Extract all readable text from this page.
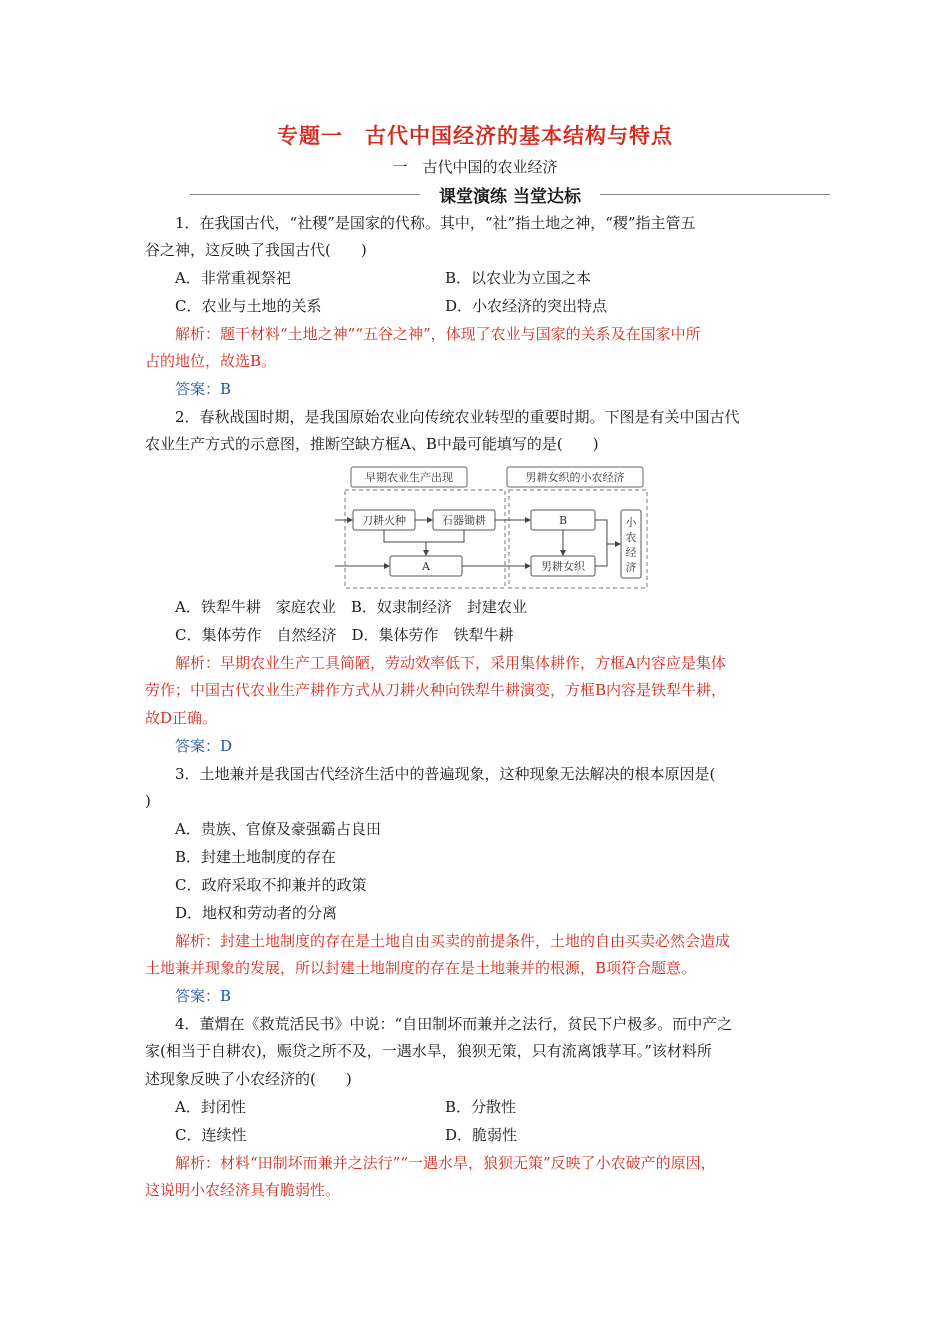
专题一　古代中国经济的基本结构与特点
一　古代中国的农业经济
课堂演练 当堂达标
1．在我国古代，“社稷”是国家的代称。其中，“社”指土地之神，“稷”指主管五
谷之神，这反映了我国古代(　　)
A．非常重视祭祀	B．以农业为立国之本
C．农业与土地的关系	D．小农经济的突出特点
解析：题干材料“土地之神”“五谷之神”，体现了农业与国家的关系及在国家中所
占的地位，故选B。
答案：B
2．春秋战国时期，是我国原始农业向传统农业转型的重要时期。下图是有关中国古代
农业生产方式的示意图，推断空缺方框A、B中最可能填写的是(　　)
早期农业生产出现	男耕女织的小农经济
刀耕火种	石器锄耕
A
B
男耕女织
小
农
经
济
A．铁犁牛耕　家庭农业　B．奴隶制经济　封建农业
C．集体劳作　自然经济　D．集体劳作　铁犁牛耕
解析：早期农业生产工具简陋，劳动效率低下，采用集体耕作，方框A内容应是集体
劳作；中国古代农业生产耕作方式从刀耕火种向铁犁牛耕演变，方框B内容是铁犁牛耕，
故D正确。
答案：D
3．土地兼并是我国古代经济生活中的普遍现象，这种现象无法解决的根本原因是(
)
A．贵族、官僚及豪强霸占良田
B．封建土地制度的存在
C．政府采取不抑兼并的政策
D．地权和劳动者的分离
解析：封建土地制度的存在是土地自由买卖的前提条件，土地的自由买卖必然会造成
土地兼并现象的发展，所以封建土地制度的存在是土地兼并的根源，B项符合题意。
答案：B
4．董煟在《救荒活民书》中说：“自田制坏而兼并之法行，贫民下户极多。而中产之
家(相当于自耕农)，赈贷之所不及，一遇水旱，狼狈无策，只有流离饿莩耳。”该材料所
述现象反映了小农经济的(　　)
A．封闭性	B．分散性
C．连续性	D．脆弱性
解析：材料“田制坏而兼并之法行”“一遇水旱，狼狈无策”反映了小农破产的原因，
这说明小农经济具有脆弱性。
